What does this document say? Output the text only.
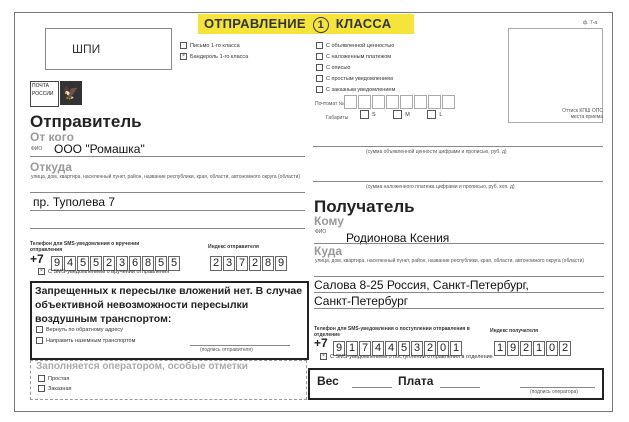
ОТПРАВЛЕНИЕ 1 КЛАССА	ф. 7-а
ШПИ
ПОЧТА
РОССИИ 🦅
Письмо 1-го класса
× Бандероль 1-го класса
С объявленной ценностью
С наложенным платежом
С описью
С простым уведомлением
С заказным уведомлением
Почтомат №
Габариты
S	M	L
Оттиск КПШ ОПС места приема
(сумма объявленной ценности цифрами и прописью, руб. д)
(сумма наложенного платежа цифрами и прописью, руб. коп. д)
Отправитель
От кого
ФИО ООО "Ромашка"
Откуда
улица, дом, квартира, населенный пункт, район, название республики, края, области, автономного округа (области)
пр. Туполева 7
Телефон для SMS-уведомления о вручении отправления
+7 9 4 5 5 2 3 6 8 5 5
Индекс отправителя
2 3 7 2 8 9
× С SMS-уведомлением о вручении отправления
Запрещенных к пересылке вложений нет. В случае объективной невозможности пересылки воздушным транспортом:
Вернуть по обратному адресу
Направить наземным транспортом
(подпись отправителя)
Заполняется оператором, особые отметки
Простая
Заказная
Получатель
Кому
ФИО Родионова Ксения
Куда
улица, дом, квартира, населенный пункт, район, название республики, края, области, автономного округа (области)
Салова 8-25 Россия, Санкт-Петербург,
Санкт-Петербург
Телефон для SMS-уведомления о поступлении отправления в отделение
+7 9 1 7 4 4 5 3 2 0 1
Индекс получателя
1 9 2 1 0 2
× С SMS-уведомлением о поступлении отправления в отделение
Вес	Плата
(подпись оператора)
